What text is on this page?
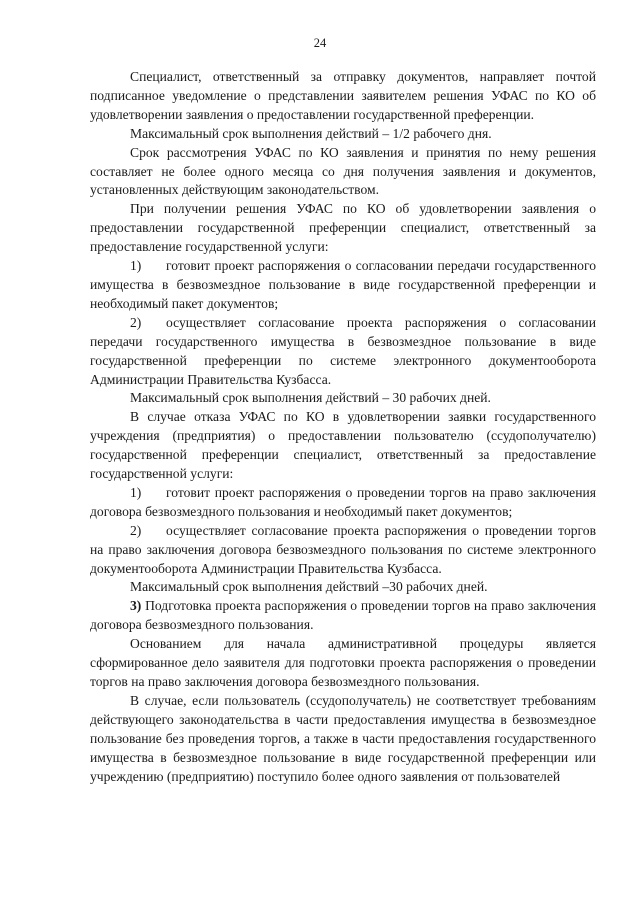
24

Специалист, ответственный за отправку документов, направляет почтой подписанное уведомление о представлении заявителем решения УФАС по КО об удовлетворении заявления о предоставлении государственной преференции.

Максимальный срок выполнения действий – 1/2 рабочего дня.

Срок рассмотрения УФАС по КО заявления и принятия по нему решения составляет не более одного месяца со дня получения заявления и документов, установленных действующим законодательством.

При получении решения УФАС по КО об удовлетворении заявления о предоставлении государственной преференции специалист, ответственный за предоставление государственной услуги:

1) готовит проект распоряжения о согласовании передачи государственного имущества в безвозмездное пользование в виде государственной преференции и необходимый пакет документов;

2) осуществляет согласование проекта распоряжения о согласовании передачи государственного имущества в безвозмездное пользование в виде государственной преференции по системе электронного документооборота Администрации Правительства Кузбасса.

Максимальный срок выполнения действий – 30 рабочих дней.

В случае отказа УФАС по КО в удовлетворении заявки государственного учреждения (предприятия) о предоставлении пользователю (ссудополучателю) государственной преференции специалист, ответственный за предоставление государственной услуги:

1) готовит проект распоряжения о проведении торгов на право заключения договора безвозмездного пользования и необходимый пакет документов;

2) осуществляет согласование проекта распоряжения о проведении торгов на право заключения договора безвозмездного пользования по системе электронного документооборота Администрации Правительства Кузбасса.

Максимальный срок выполнения действий –30 рабочих дней.

3) Подготовка проекта распоряжения о проведении торгов на право заключения договора безвозмездного пользования.

Основанием для начала административной процедуры является сформированное дело заявителя для подготовки проекта распоряжения о проведении торгов на право заключения договора безвозмездного пользования.

В случае, если пользователь (ссудополучатель) не соответствует требованиям действующего законодательства в части предоставления имущества в безвозмездное пользование без проведения торгов, а также в части предоставления государственного имущества в безвозмездное пользование в виде государственной преференции или учреждению (предприятию) поступило более одного заявления от пользователей
